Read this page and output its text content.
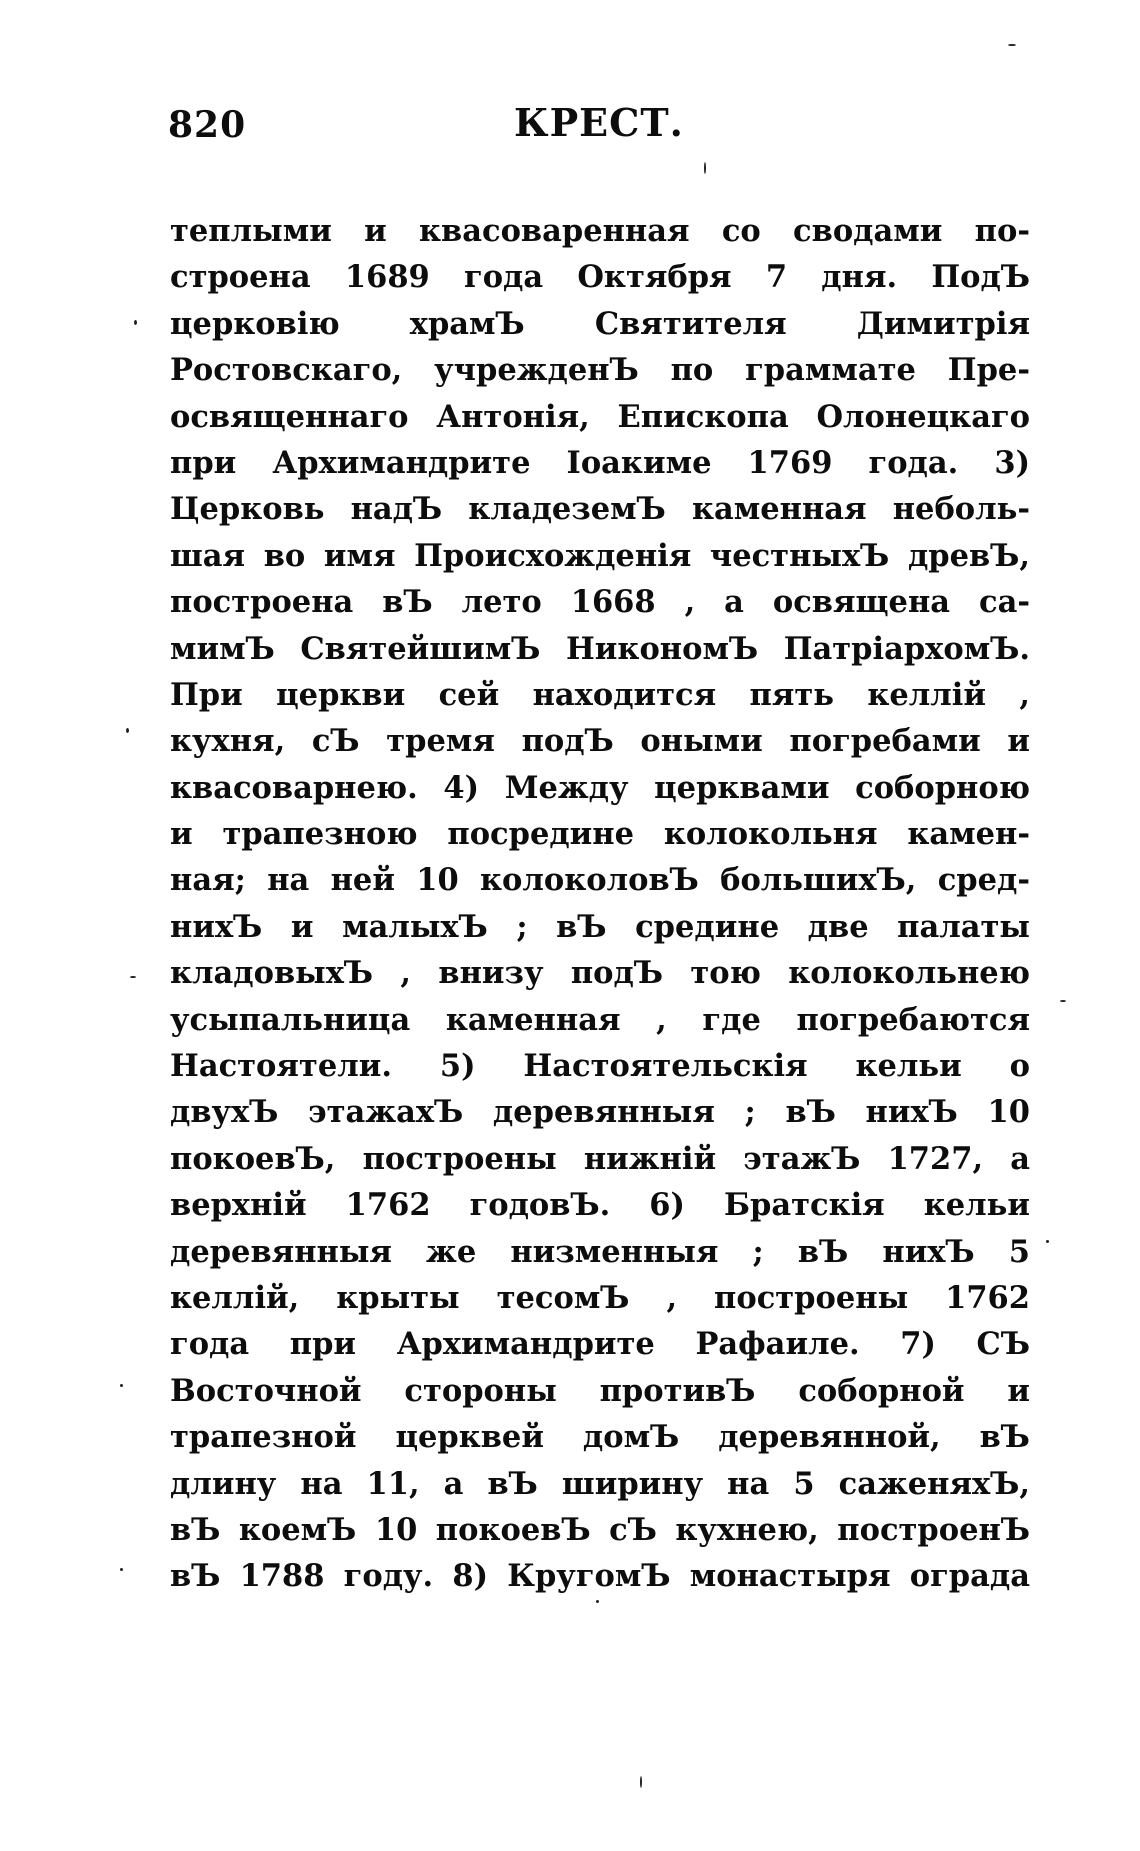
820	КРЕСТ.
теплыми и квасоваренная со сводами по-
строена 1689 года Октября 7 дня. ПодЪ
церковію храмЪ Святителя Димитрія
Ростовскаго, учрежденЪ по граммате Пре-
освященнаго Антонія, Епископа Олонецкаго
при Архимандрите Іоакиме 1769 года. 3)
Церковь надЪ кладеземЪ каменная неболь-
шая во имя Происхожденія честныхЪ древЪ,
построена вЪ лето 1668 , а освящена са-
мимЪ СвятейшимЪ НикономЪ ПатріархомЪ.
При церкви сей находится пять келлій ,
кухня, сЪ тремя подЪ оными погребами и
квасоварнею. 4) Между церквами соборною
и трапезною посредине колокольня камен-
ная; на ней 10 колоколовЪ большихЪ, сред-
нихЪ и малыхЪ ; вЪ средине две палаты
кладовыхЪ , внизу подЪ тою колокольнею
усыпальница каменная , где погребаются
Настоятели. 5) Настоятельскія кельи о
двухЪ этажахЪ деревянныя ; вЪ нихЪ 10
покоевЪ, построены нижній этажЪ 1727, а
верхній 1762 годовЪ. 6) Братскія кельи
деревянныя же низменныя ; вЪ нихЪ 5
келлій, крыты тесомЪ , построены 1762
года при Архимандрите Рафаиле. 7) СЪ
Восточной стороны противЪ соборной и
трапезной церквей домЪ деревянной, вЪ
длину на 11, а вЪ ширину на 5 саженяхЪ,
вЪ коемЪ 10 покоевЪ сЪ кухнею, построенЪ
вЪ 1788 году. 8) КругомЪ монастыря ограда
